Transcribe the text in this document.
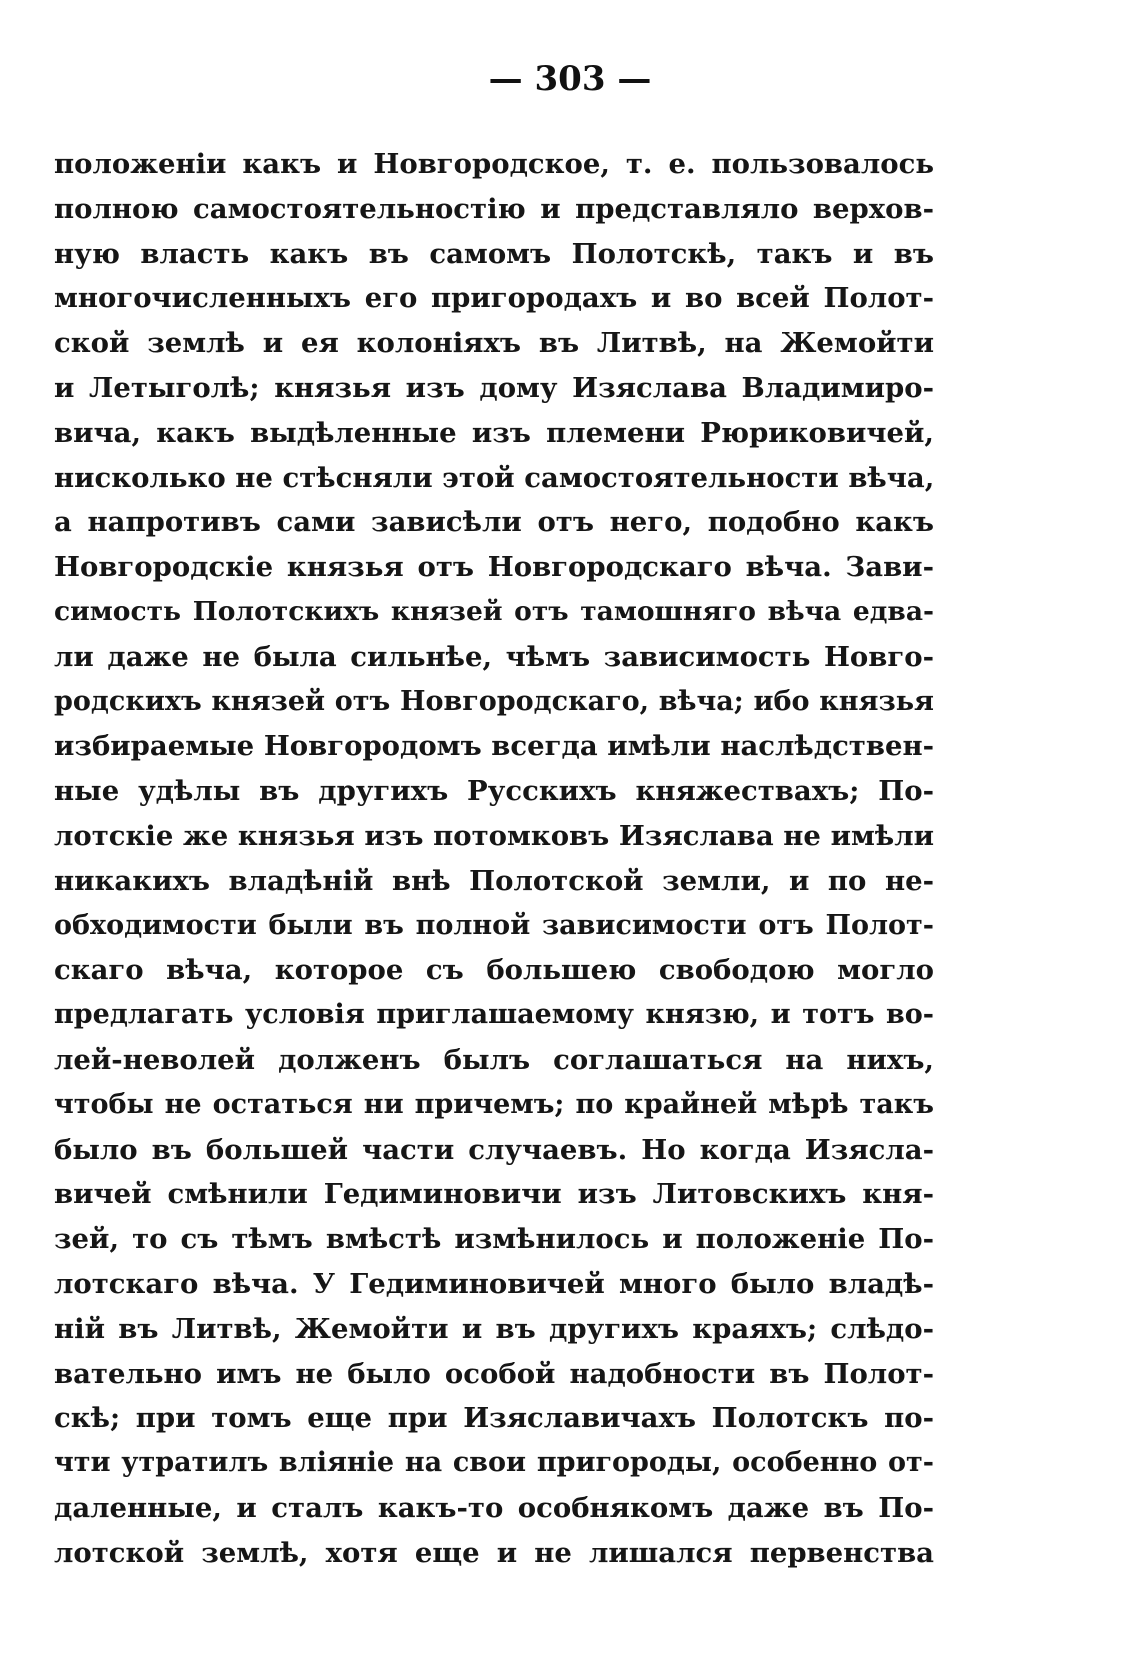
— 303 —
положенiи какъ и Новгородское, т. е. пользовалось
полною самостоятельностiю и представляло верхов-
ную власть какъ въ самомъ Полотскѣ, такъ и въ
многочисленныхъ его пригородахъ и во всей Полот-
ской землѣ и ея колонiяхъ въ Литвѣ, на Жемойти
и Летыголѣ; князья изъ дому Изяслава Владимиро-
вича, какъ выдѣленные изъ племени Рюриковичей,
нисколько не стѣсняли этой самостоятельности вѣча,
а напротивъ сами зависѣли отъ него, подобно какъ
Новгородскiе князья отъ Новгородскаго вѣча. Зави-
симость Полотскихъ князей отъ тамошняго вѣча едва-
ли даже не была сильнѣе, чѣмъ зависимость Новго-
родскихъ князей отъ Новгородскаго, вѣча; ибо князья
избираемые Новгородомъ всегда имѣли наслѣдствен-
ные удѣлы въ другихъ Русскихъ княжествахъ; По-
лотскiе же князья изъ потомковъ Изяслава не имѣли
никакихъ владѣнiй внѣ Полотской земли, и по не-
обходимости были въ полной зависимости отъ Полот-
скаго вѣча, которое съ большею свободою могло
предлагать условiя приглашаемому князю, и тотъ во-
лей-неволей долженъ былъ соглашаться на нихъ,
чтобы не остаться ни причемъ; по крайней мѣрѣ такъ
было въ большей части случаевъ. Но когда Изясла-
вичей смѣнили Гедиминовичи изъ Литовскихъ кня-
зей, то съ тѣмъ вмѣстѣ измѣнилось и положенiе По-
лотскаго вѣча. У Гедиминовичей много было владѣ-
нiй въ Литвѣ, Жемойти и въ другихъ краяхъ; слѣдо-
вательно имъ не было особой надобности въ Полот-
скѣ; при томъ еще при Изяславичахъ Полотскъ по-
чти утратилъ влiянiе на свои пригороды, особенно от-
даленные, и сталъ какъ-то особнякомъ даже въ По-
лотской землѣ, хотя еще и не лишался первенства
